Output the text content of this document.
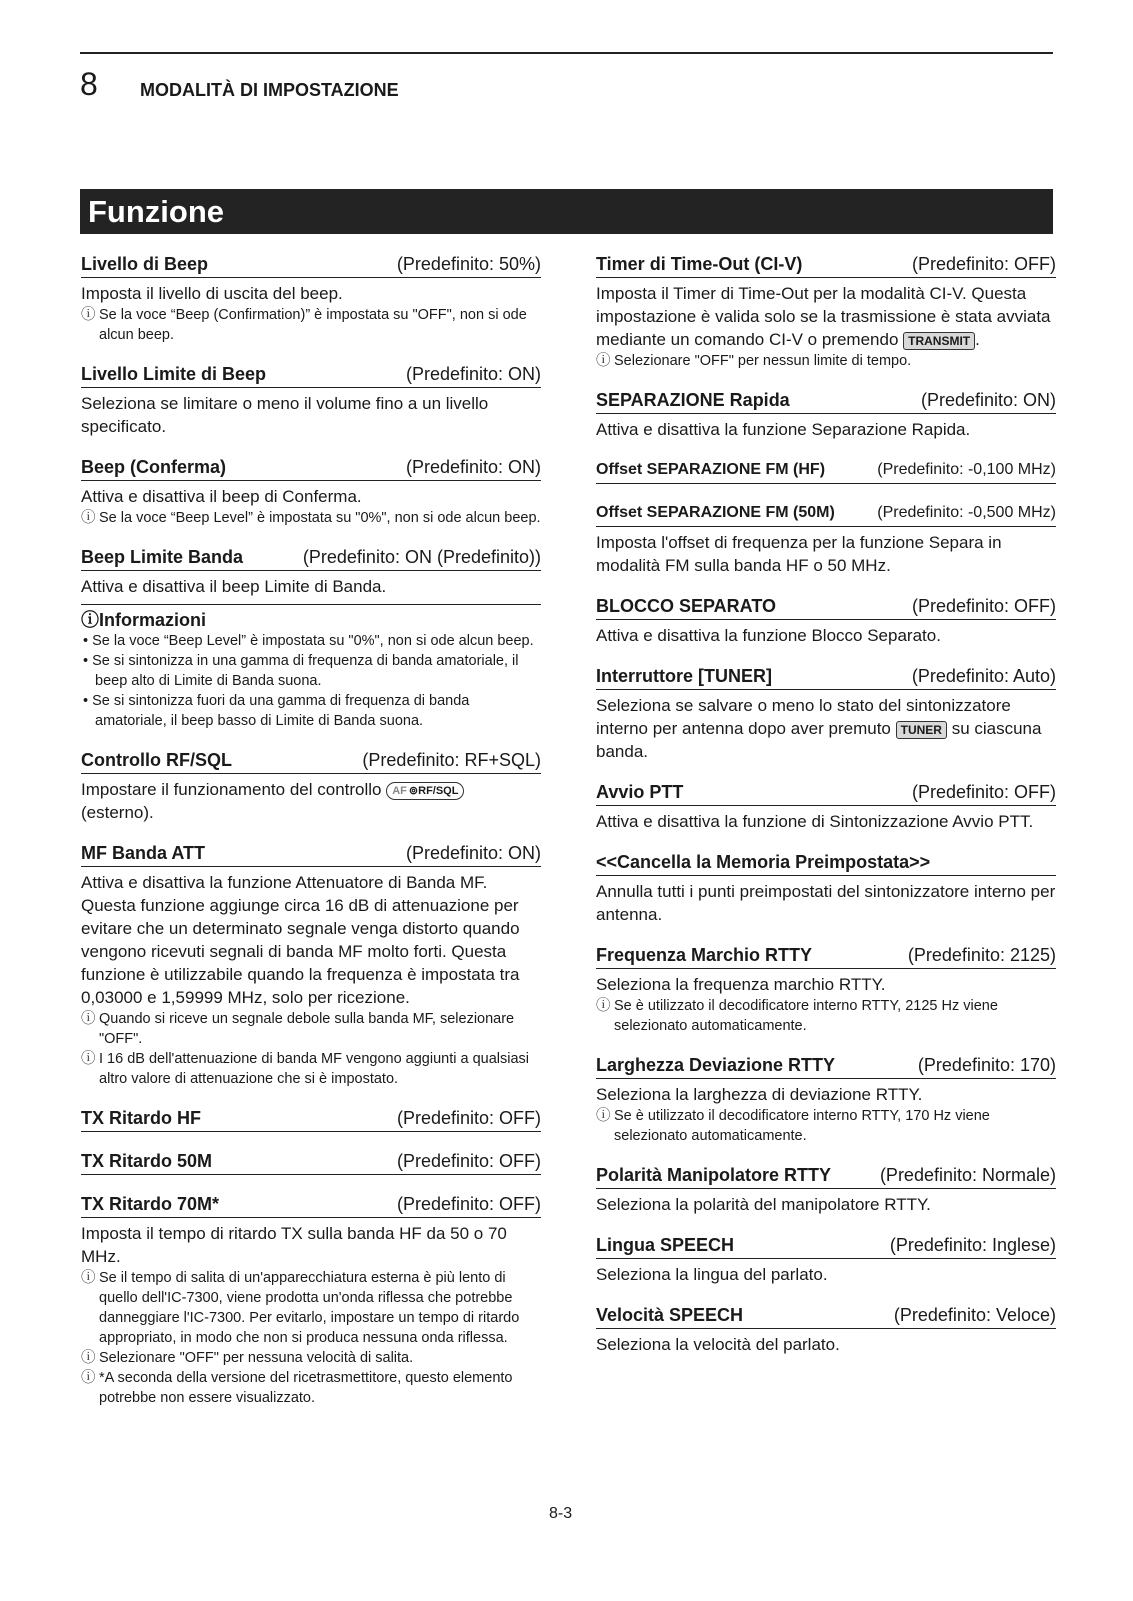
8 MODALITÀ DI IMPOSTAZIONE
Funzione
Livello di Beep	(Predefinito: 50%)
Imposta il livello di uscita del beep.
ⓘ Se la voce “Beep (Confirmation)” è impostata su "OFF", non si ode alcun beep.
Livello Limite di Beep	(Predefinito: ON)
Seleziona se limitare o meno il volume fino a un livello specificato.
Beep (Conferma)	(Predefinito: ON)
Attiva e disattiva il beep di Conferma.
ⓘ Se la voce “Beep Level” è impostata su "0%", non si ode alcun beep.
Beep Limite Banda	(Predefinito: ON (Predefinito))
Attiva e disattiva il beep Limite di Banda.
ⓘInformazioni
• Se la voce “Beep Level” è impostata su "0%", non si ode alcun beep.
• Se si sintonizza in una gamma di frequenza di banda amatoriale, il beep alto di Limite di Banda suona.
• Se si sintonizza fuori da una gamma di frequenza di banda amatoriale, il beep basso di Limite di Banda suona.
Controllo RF/SQL	(Predefinito: RF+SQL)
Impostare il funzionamento del controllo AF ⊚RF/SQL
(esterno).
MF Banda ATT	(Predefinito: ON)
Attiva e disattiva la funzione Attenuatore di Banda MF. Questa funzione aggiunge circa 16 dB di attenuazione per evitare che un determinato segnale venga distorto quando vengono ricevuti segnali di banda MF molto forti. Questa funzione è utilizzabile quando la frequenza è impostata tra 0,03000 e 1,59999 MHz, solo per ricezione.
ⓘ Quando si riceve un segnale debole sulla banda MF, selezionare "OFF".
ⓘ I 16 dB dell'attenuazione di banda MF vengono aggiunti a qualsiasi altro valore di attenuazione che si è impostato.
TX Ritardo HF	(Predefinito: OFF)
TX Ritardo 50M	(Predefinito: OFF)
TX Ritardo 70M*	(Predefinito: OFF)
Imposta il tempo di ritardo TX sulla banda HF da 50 o 70 MHz.
ⓘ Se il tempo di salita di un'apparecchiatura esterna è più lento di quello dell'IC-7300, viene prodotta un'onda riflessa che potrebbe danneggiare l'IC-7300. Per evitarlo, impostare un tempo di ritardo appropriato, in modo che non si produca nessuna onda riflessa.
ⓘ Selezionare "OFF" per nessuna velocità di salita.
ⓘ *A seconda della versione del ricetrasmettitore, questo elemento potrebbe non essere visualizzato.
Timer di Time-Out (CI-V)	(Predefinito: OFF)
Imposta il Timer di Time-Out per la modalità CI-V. Questa impostazione è valida solo se la trasmissione è stata avviata mediante un comando CI-V o premendo TRANSMIT .
ⓘ Selezionare "OFF" per nessun limite di tempo.
SEPARAZIONE Rapida	(Predefinito: ON)
Attiva e disattiva la funzione Separazione Rapida.
Offset SEPARAZIONE FM (HF)	(Predefinito: -0,100 MHz)
Offset SEPARAZIONE FM (50M)	(Predefinito: -0,500 MHz)
Imposta l'offset di frequenza per la funzione Separa in modalità FM sulla banda HF o 50 MHz.
BLOCCO SEPARATO	(Predefinito: OFF)
Attiva e disattiva la funzione Blocco Separato.
Interruttore [TUNER]	(Predefinito: Auto)
Seleziona se salvare o meno lo stato del sintonizzatore interno per antenna dopo aver premuto TUNER su ciascuna banda.
Avvio PTT	(Predefinito: OFF)
Attiva e disattiva la funzione di Sintonizzazione Avvio PTT.
<<Cancella la Memoria Preimpostata>>
Annulla tutti i punti preimpostati del sintonizzatore interno per antenna.
Frequenza Marchio RTTY	(Predefinito: 2125)
Seleziona la frequenza marchio RTTY.
ⓘ Se è utilizzato il decodificatore interno RTTY, 2125 Hz viene selezionato automaticamente.
Larghezza Deviazione RTTY	(Predefinito: 170)
Seleziona la larghezza di deviazione RTTY.
ⓘ Se è utilizzato il decodificatore interno RTTY, 170 Hz viene selezionato automaticamente.
Polarità Manipolatore RTTY	(Predefinito: Normale)
Seleziona la polarità del manipolatore RTTY.
Lingua SPEECH	(Predefinito: Inglese)
Seleziona la lingua del parlato.
Velocità SPEECH	(Predefinito: Veloce)
Seleziona la velocità del parlato.
8-3
